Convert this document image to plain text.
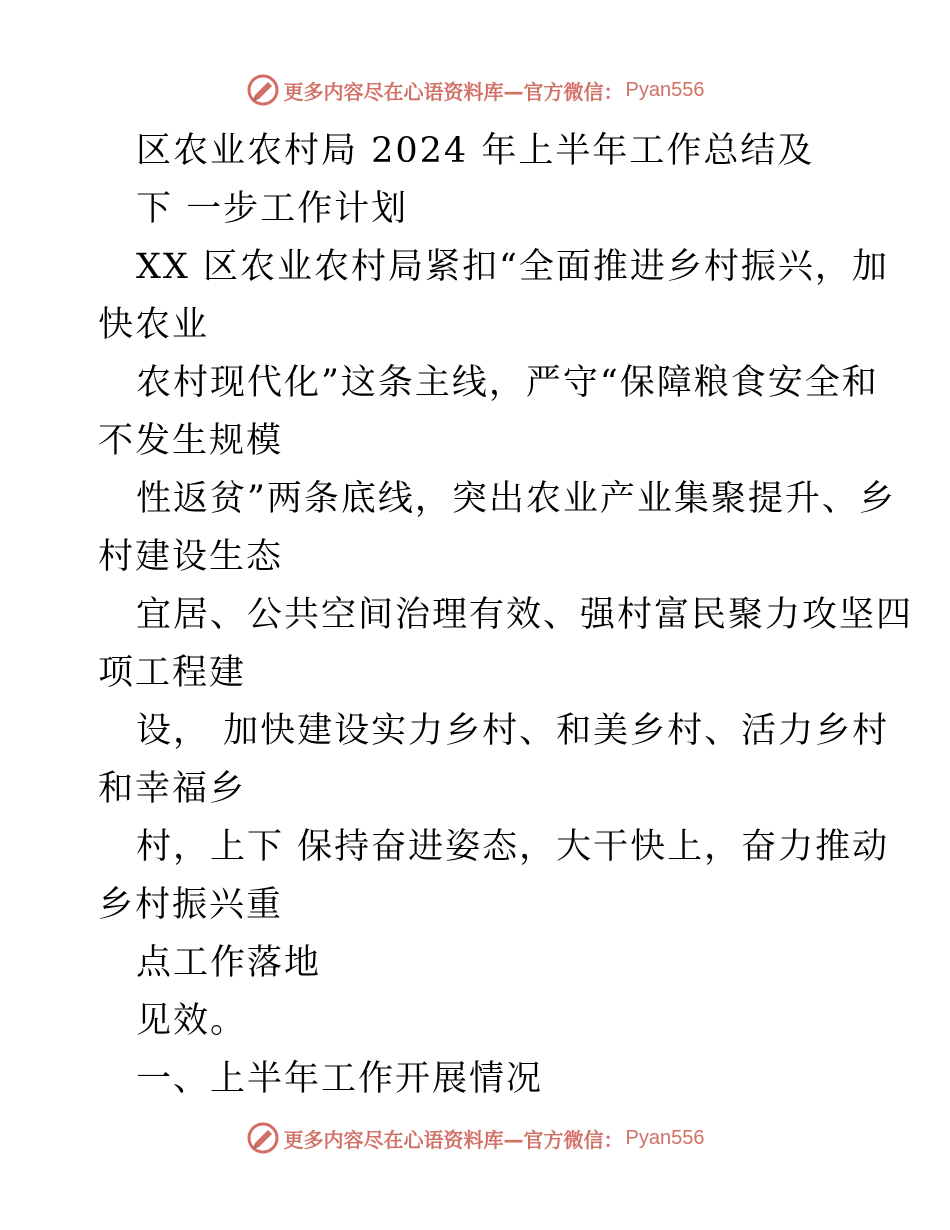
更多内容尽在心语资料库—官方微信： Pyan556
区农业农村局 2024 年上半年工作总结及
下 一步工作计划
XX 区农业农村局紧扣“全面推进乡村振兴，加
快农业
农村现代化”这条主线，严守“保障粮食安全和
不发生规模
性返贫”两条底线，突出农业产业集聚提升、乡
村建设生态
宜居、公共空间治理有效、强村富民聚力攻坚四
项工程建
设， 加快建设实力乡村、和美乡村、活力乡村
和幸福乡
村，上下 保持奋进姿态，大干快上，奋力推动
乡村振兴重
点工作落地
见效。
一、上半年工作开展情况
更多内容尽在心语资料库—官方微信： Pyan556
